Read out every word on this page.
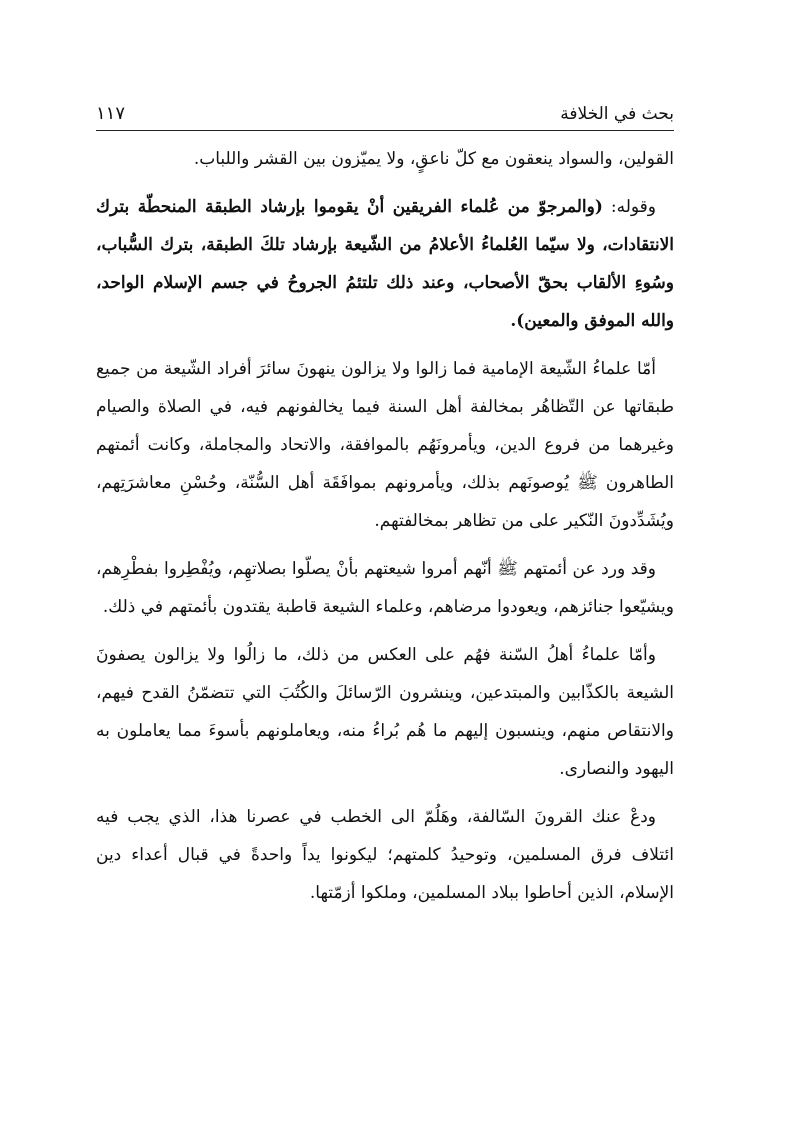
بحث في الخلافة
١١٧

القولين، والسواد ينعقون مع كلّ ناعقٍ، ولا يميّزون بين القشر واللباب.

وقوله: (والمرجوّ من عُلماء الفريقين أنْ يقوموا بإرشاد الطبقة المنحطّة بترك الانتقادات، ولا سيّما العُلماءُ الأعلامُ من الشّيعة بإرشاد تلكَ الطبقة، بترك السُّباب، وسُوءِ الألقاب بحقّ الأصحاب، وعند ذلك تلتئمُ الجروحُ في جسم الإسلام الواحد، والله الموفق والمعين).

أمّا علماءُ الشّيعة الإمامية فما زالوا ولا يزالون ينهونَ سائرَ أفراد الشّيعة من جميع طبقاتها عن التّظاهُر بمخالفة أهل السنة فيما يخالفونهم فيه، في الصلاة والصيام وغيرهما من فروع الدين، ويأمرونَهُم بالموافقة، والاتحاد والمجاملة، وكانت أئمتهم الطاهرون ﷺ يُوصونَهم بذلك، ويأمرونهم بموافَقَة أهل السُّنّة، وحُسْنِ معاشرَتِهم، ويُشَدِّدونَ النّكير على من تظاهر بمخالفتهم.

وقد ورد عن أئمتهم ﷺ أنّهم أمروا شيعتهم بأنْ يصلّوا بصلاتهِم، ويُفْطِروا بفطْرِهم، ويشيّعوا جنائزهم، ويعودوا مرضاهم، وعلماء الشيعة قاطبة يقتدون بأئمتهم في ذلك.

وأمّا علماءُ أهلُ السّنة فهُم على العكس من ذلك، ما زالُوا ولا يزالون يصفونَ الشيعة بالكذّابين والمبتدعين، وينشرون الرّسائلَ والكُتُبَ التي تتضمّنُ القدح فيهم، والانتقاص منهم، وينسبون إليهم ما هُم بُراءُ منه، ويعاملونهم بأسوءَ مما يعاملون به اليهود والنصارى.

ودعْ عنك القرونَ السّالفة، وهَلُمّ الى الخطب في عصرنا هذا، الذي يجب فيه ائتلاف فرق المسلمين، وتوحيدُ كلمتهم؛ ليكونوا يداً واحدةً في قبال أعداء دين الإسلام، الذين أحاطوا ببلاد المسلمين، وملكوا أزمّتها.
